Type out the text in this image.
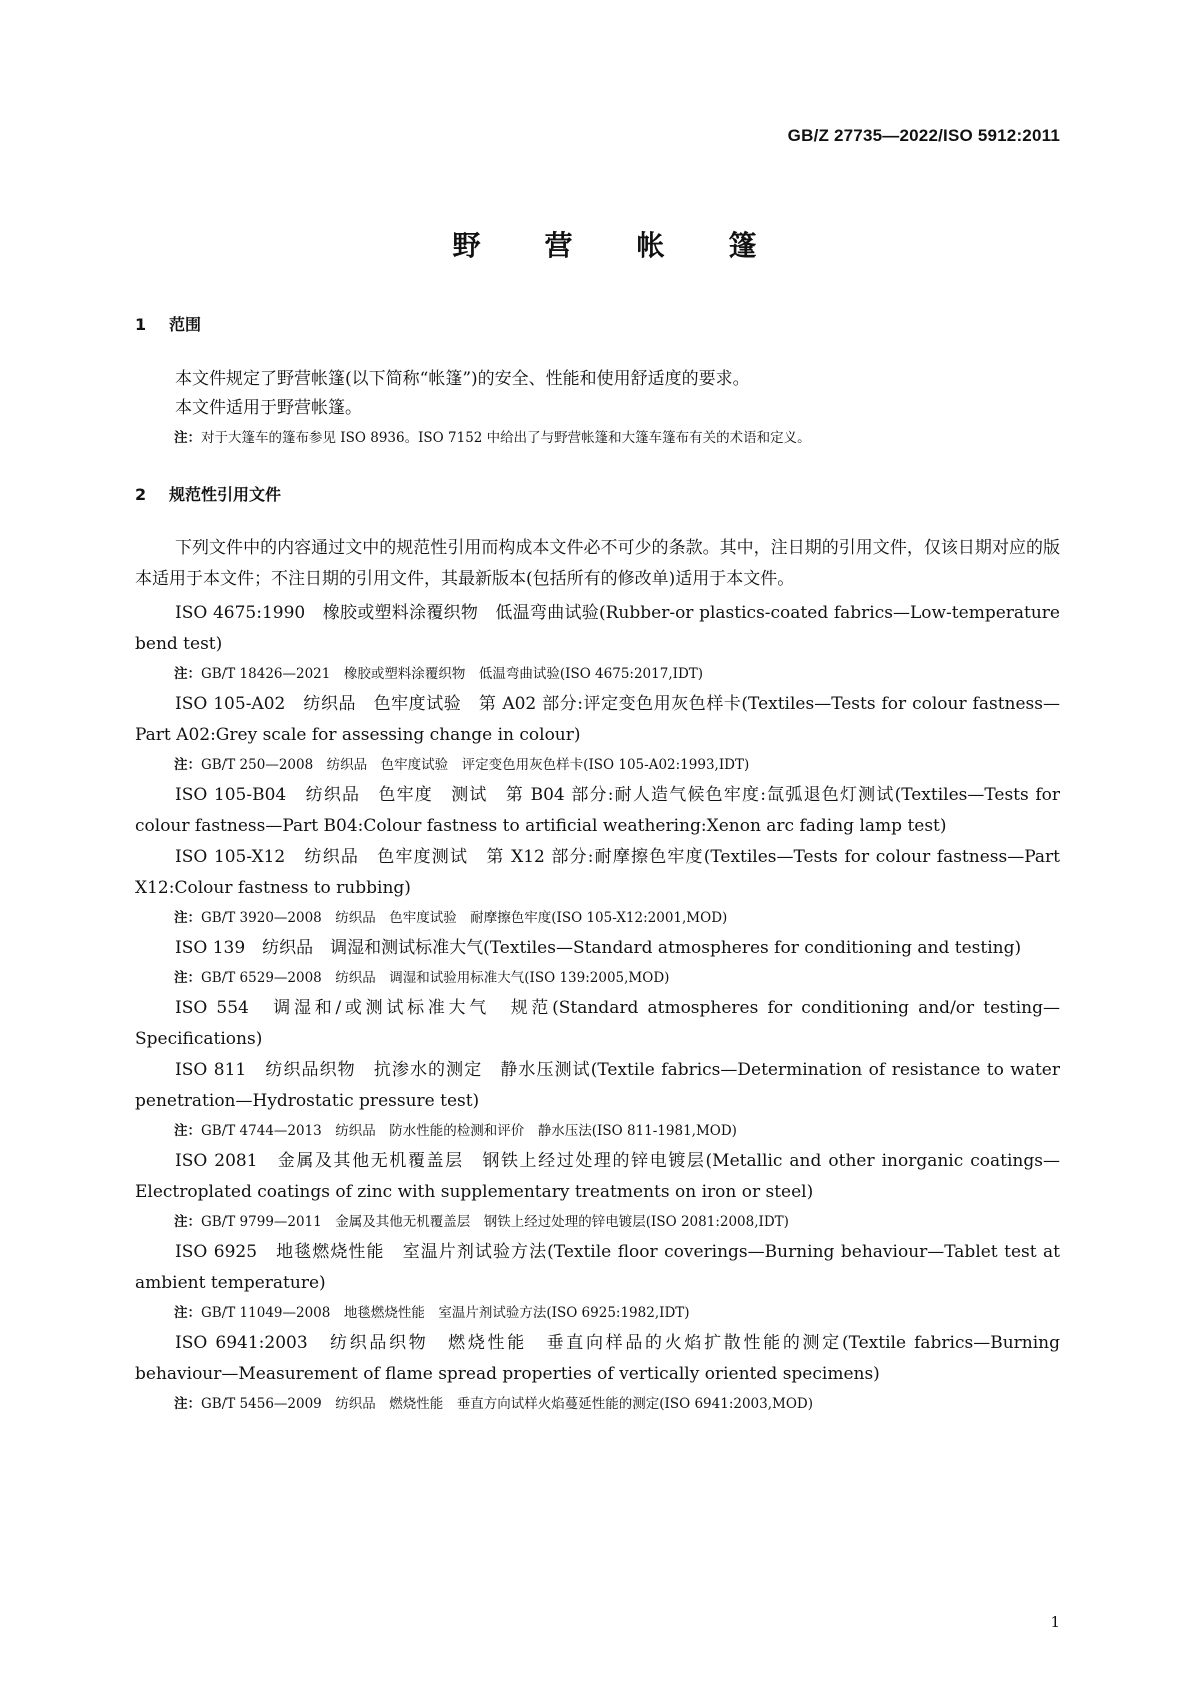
GB/Z 27735—2022/ISO 5912:2011
野　营　帐　篷
1 范围

本文件规定了野营帐篷(以下简称“帐篷”)的安全、性能和使用舒适度的要求。

本文件适用于野营帐篷。

注：对于大篷车的篷布参见 ISO 8936。ISO 7152 中给出了与野营帐篷和大篷车篷布有关的术语和定义。

2 规范性引用文件

下列文件中的内容通过文中的规范性引用而构成本文件必不可少的条款。其中，注日期的引用文件，仅该日期对应的版本适用于本文件；不注日期的引用文件，其最新版本(包括所有的修改单)适用于本文件。

ISO 4675:1990　橡胶或塑料涂覆织物　低温弯曲试验(Rubber-or plastics-coated fabrics—Low-temperature bend test)

注：GB/T 18426—2021　橡胶或塑料涂覆织物　低温弯曲试验(ISO 4675:2017,IDT)

ISO 105-A02　纺织品　色牢度试验　第 A02 部分:评定变色用灰色样卡(Textiles—Tests for colour fastness—Part A02:Grey scale for assessing change in colour)

注：GB/T 250—2008　纺织品　色牢度试验　评定变色用灰色样卡(ISO 105-A02:1993,IDT)

ISO 105-B04　纺织品　色牢度　测试　第 B04 部分:耐人造气候色牢度:氙弧退色灯测试(Textiles—Tests for colour fastness—Part B04:Colour fastness to artificial weathering:Xenon arc fading lamp test)

ISO 105-X12　纺织品　色牢度测试　第 X12 部分:耐摩擦色牢度(Textiles—Tests for colour fastness—Part X12:Colour fastness to rubbing)

注：GB/T 3920—2008　纺织品　色牢度试验　耐摩擦色牢度(ISO 105-X12:2001,MOD)

ISO 139　纺织品　调湿和测试标准大气(Textiles—Standard atmospheres for conditioning and testing)

注：GB/T 6529—2008　纺织品　调湿和试验用标准大气(ISO 139:2005,MOD)

ISO 554　调湿和/或测试标准大气　规范(Standard atmospheres for conditioning and/or testing—Specifications)

ISO 811　纺织品织物　抗渗水的测定　静水压测试(Textile fabrics—Determination of resistance to water penetration—Hydrostatic pressure test)

注：GB/T 4744—2013　纺织品　防水性能的检测和评价　静水压法(ISO 811-1981,MOD)

ISO 2081　金属及其他无机覆盖层　钢铁上经过处理的锌电镀层(Metallic and other inorganic coatings—Electroplated coatings of zinc with supplementary treatments on iron or steel)

注：GB/T 9799—2011　金属及其他无机覆盖层　钢铁上经过处理的锌电镀层(ISO 2081:2008,IDT)

ISO 6925　地毯燃烧性能　室温片剂试验方法(Textile floor coverings—Burning behaviour—Tablet test at ambient temperature)

注：GB/T 11049—2008　地毯燃烧性能　室温片剂试验方法(ISO 6925:1982,IDT)

ISO 6941:2003　纺织品织物　燃烧性能　垂直向样品的火焰扩散性能的测定(Textile fabrics—Burning behaviour—Measurement of flame spread properties of vertically oriented specimens)

注：GB/T 5456—2009　纺织品　燃烧性能　垂直方向试样火焰蔓延性能的测定(ISO 6941:2003,MOD)

1
